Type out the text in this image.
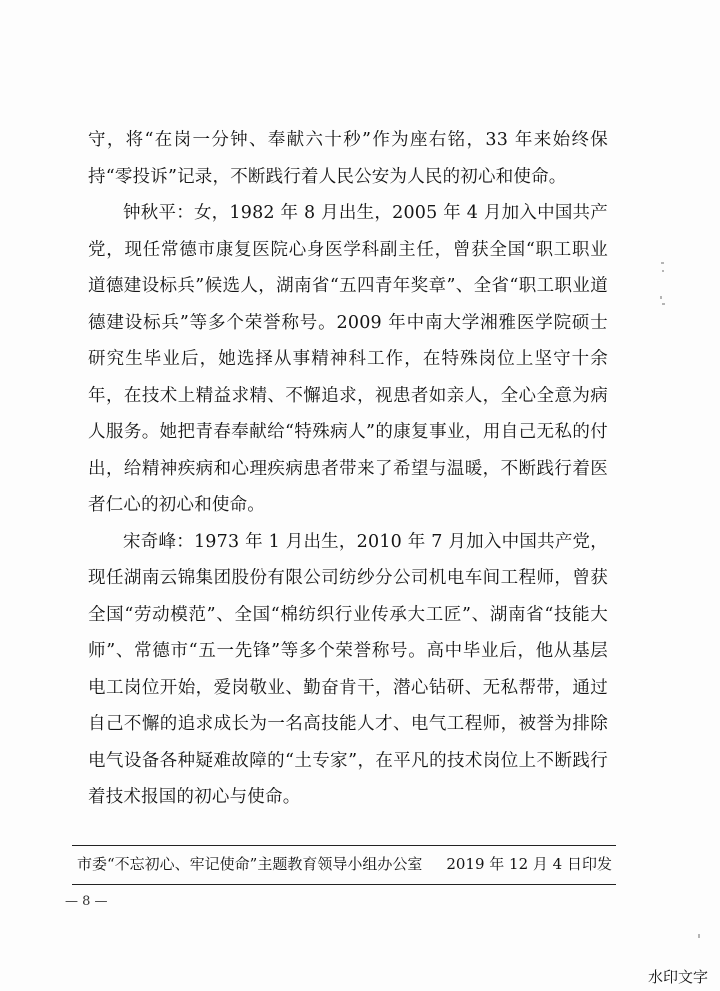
守，将“在岗一分钟、奉献六十秒”作为座右铭，33 年来始终保持“零投诉”记录，不断践行着人民公安为人民的初心和使命。

钟秋平：女，1982 年 8 月出生，2005 年 4 月加入中国共产党，现任常德市康复医院心身医学科副主任，曾获全国“职工职业道德建设标兵”候选人，湖南省“五四青年奖章”、全省“职工职业道德建设标兵”等多个荣誉称号。2009 年中南大学湘雅医学院硕士研究生毕业后，她选择从事精神科工作，在特殊岗位上坚守十余年，在技术上精益求精、不懈追求，视患者如亲人，全心全意为病人服务。她把青春奉献给“特殊病人”的康复事业，用自己无私的付出，给精神疾病和心理疾病患者带来了希望与温暖，不断践行着医者仁心的初心和使命。

宋奇峰：1973 年 1 月出生，2010 年 7 月加入中国共产党，现任湖南云锦集团股份有限公司纺纱分公司机电车间工程师，曾获全国“劳动模范”、全国“棉纺织行业传承大工匠”、湖南省“技能大师”、常德市“五一先锋”等多个荣誉称号。高中毕业后，他从基层电工岗位开始，爱岗敬业、勤奋肯干，潜心钻研、无私帮带，通过自己不懈的追求成长为一名高技能人才、电气工程师，被誉为排除电气设备各种疑难故障的“土专家”，在平凡的技术岗位上不断践行着技术报国的初心与使命。

市委“不忘初心、牢记使命”主题教育领导小组办公室 2019 年 12 月 4 日印发
— 8 —
水印文字
